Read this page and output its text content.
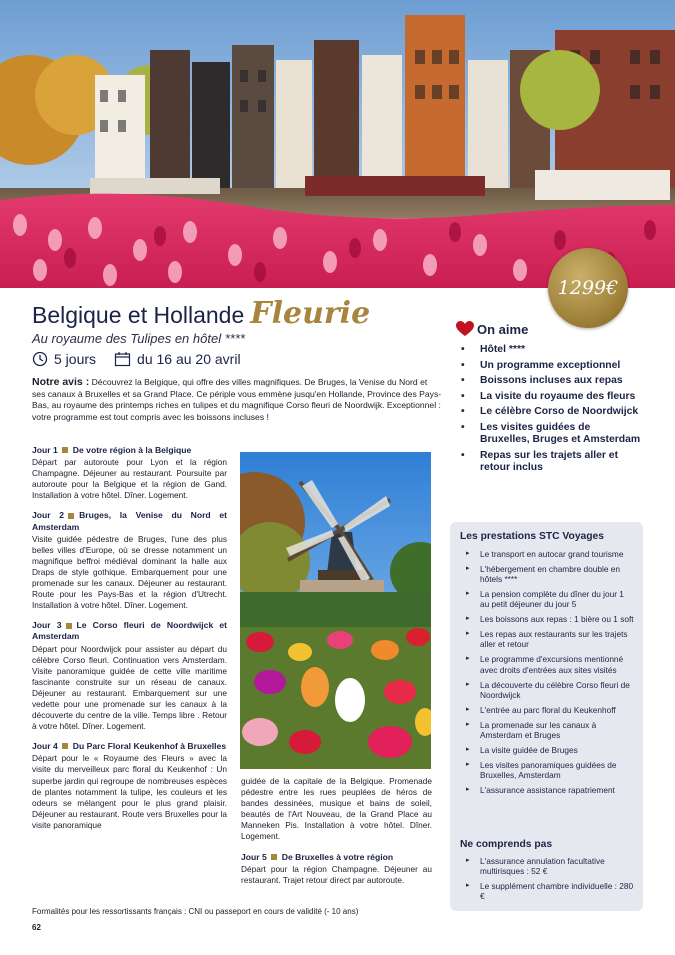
1299€
Belgique et Hollande Fleurie
Au royaume des Tulipes en hôtel ****
5 jours	du 16 au 20 avril
Notre avis : Découvrez la Belgique, qui offre des villes magnifiques. De Bruges, la Venise du Nord et ses canaux à Bruxelles et sa Grand Place. Ce périple vous emmène jusqu'en Hollande, Province des Pays-Bas, au royaume des printemps riches en tulipes et du magnifique Corso fleuri de Noordwijk. Exceptionnel : votre programme est tout compris avec les boissons incluses !
Jour 1 De votre région à la Belgique

Départ par autoroute pour Lyon et la région Champagne. Déjeuner au restaurant. Poursuite par autoroute pour la Belgique et la région de Gand. Installation à votre hôtel. Dîner. Logement.

Jour 2 Bruges, la Venise du Nord et Amsterdam

Visite guidée pédestre de Bruges, l'une des plus belles villes d'Europe, où se dresse notamment un magnifique beffroi médiéval dominant la halle aux Draps de style gothique. Embarquement pour une promenade sur les canaux. Déjeuner au restaurant. Route pour les Pays-Bas et la région d'Utrecht. Installation à votre hôtel. Dîner. Logement.

Jour 3 Le Corso fleuri de Noordwijck et Amsterdam

Départ pour Noordwijck pour assister au départ du célèbre Corso fleuri. Continuation vers Amsterdam. Visite panoramique guidée de cette ville maritime fascinante construite sur un réseau de canaux. Déjeuner au restaurant. Embarquement sur une vedette pour une promenade sur les canaux à la découverte du centre de la ville. Temps libre . Retour à votre hôtel. Dîner. Logement.

Jour 4 Du Parc Floral Keukenhof à Bruxelles

Départ pour le « Royaume des Fleurs » avec la visite du merveilleux parc floral du Keukenhof : Un superbe jardin qui regroupe de nombreuses espèces de plantes notamment la tulipe, les couleurs et les odeurs se mélangent pour le plus grand plaisir. Déjeuner au restaurant. Route vers Bruxelles pour la visite panoramique

guidée de la capitale de la Belgique. Promenade pédestre entre les rues peuplées de héros de bandes dessinées, musique et bains de soleil, beautés de l'Art Nouveau, de la Grand Place au Manneken Pis. Installation à votre hôtel. Dîner. Logement.

Jour 5 De Bruxelles à votre région

Départ pour la région Champagne. Déjeuner au restaurant. Trajet retour direct par autoroute.

Formalités pour les ressortissants français : CNI ou passeport en cours de validité (- 10 ans)
62
On aime
• Hôtel ****
• Un programme exceptionnel
• Boissons incluses aux repas
• La visite du royaume des fleurs
• Le célèbre Corso de Noordwijck
• Les visites guidées de Bruxelles, Bruges et Amsterdam
• Repas sur les trajets aller et retour inclus
Les prestations STC Voyages
▸ Le transport en autocar grand tourisme
▸ L'hébergement en chambre double en hôtels ****
▸ La pension complète du dîner du jour 1 au petit déjeuner du jour 5
▸ Les boissons aux repas : 1 bière ou 1 soft
▸ Les repas aux restaurants sur les trajets aller et retour
▸ Le programme d'excursions mentionné avec droits d'entrées aux sites visités
▸ La découverte du célèbre Corso fleuri de Noordwijck
▸ L'entrée au parc floral du Keukenhoff
▸ La promenade sur les canaux à Amsterdam et Bruges
▸ La visite guidée de Bruges
▸ Les visites panoramiques guidées de Bruxelles, Amsterdam
▸ L'assurance assistance rapatriement
Ne comprends pas
▸ L'assurance annulation facultative multirisques : 52 €
▸ Le supplément chambre individuelle : 280 €
